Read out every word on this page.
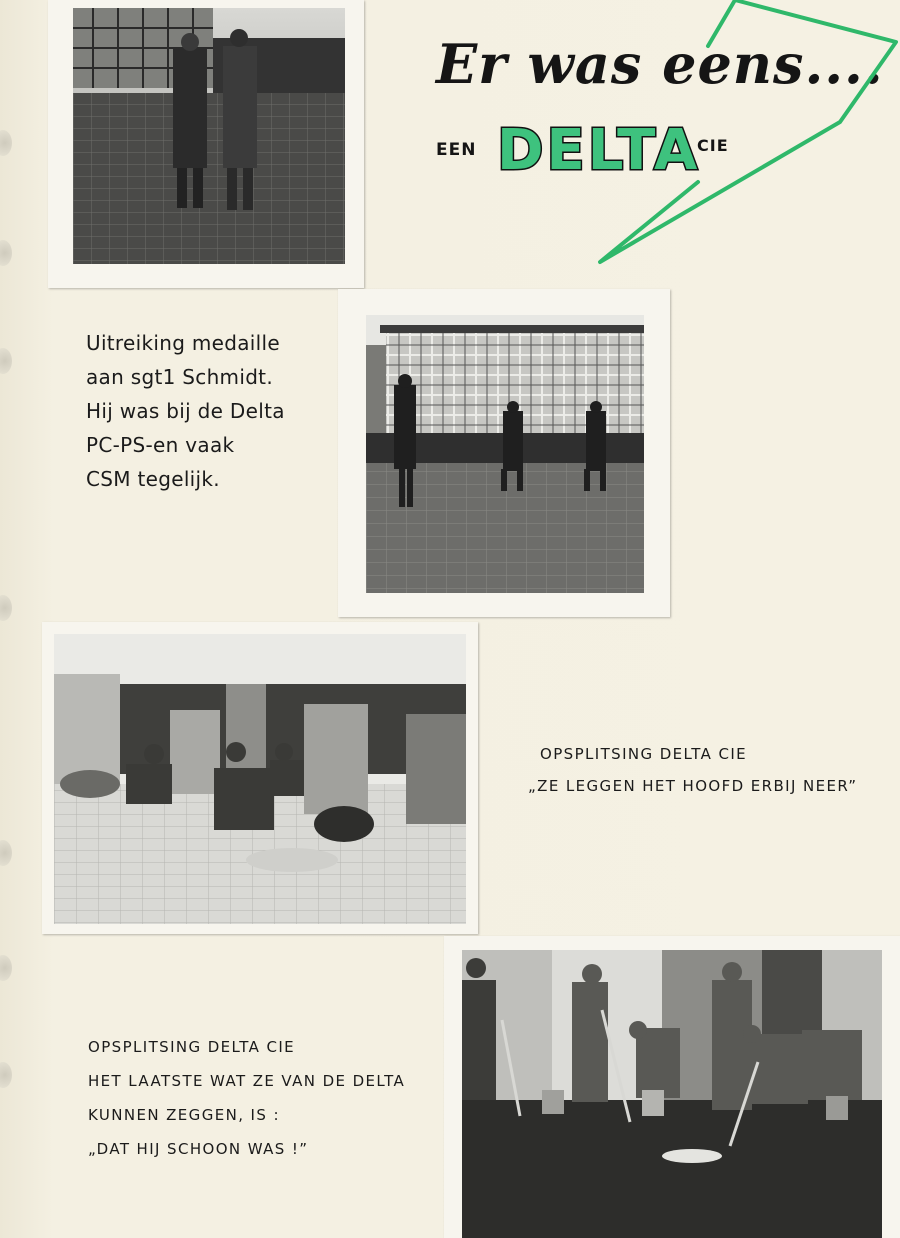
Er was eens....
EEN DELTA
CIE
Uitreiking medaille
aan sgt1 Schmidt.
Hij was bij de Delta
PC-PS-en vaak
CSM tegelijk.
OPSPLITSING DELTA CIE
„ZE LEGGEN HET HOOFD ERBIJ NEER”
OPSPLITSING DELTA CIE
HET LAATSTE WAT ZE VAN DE DELTA
KUNNEN ZEGGEN, IS :
„DAT HIJ SCHOON WAS !”
